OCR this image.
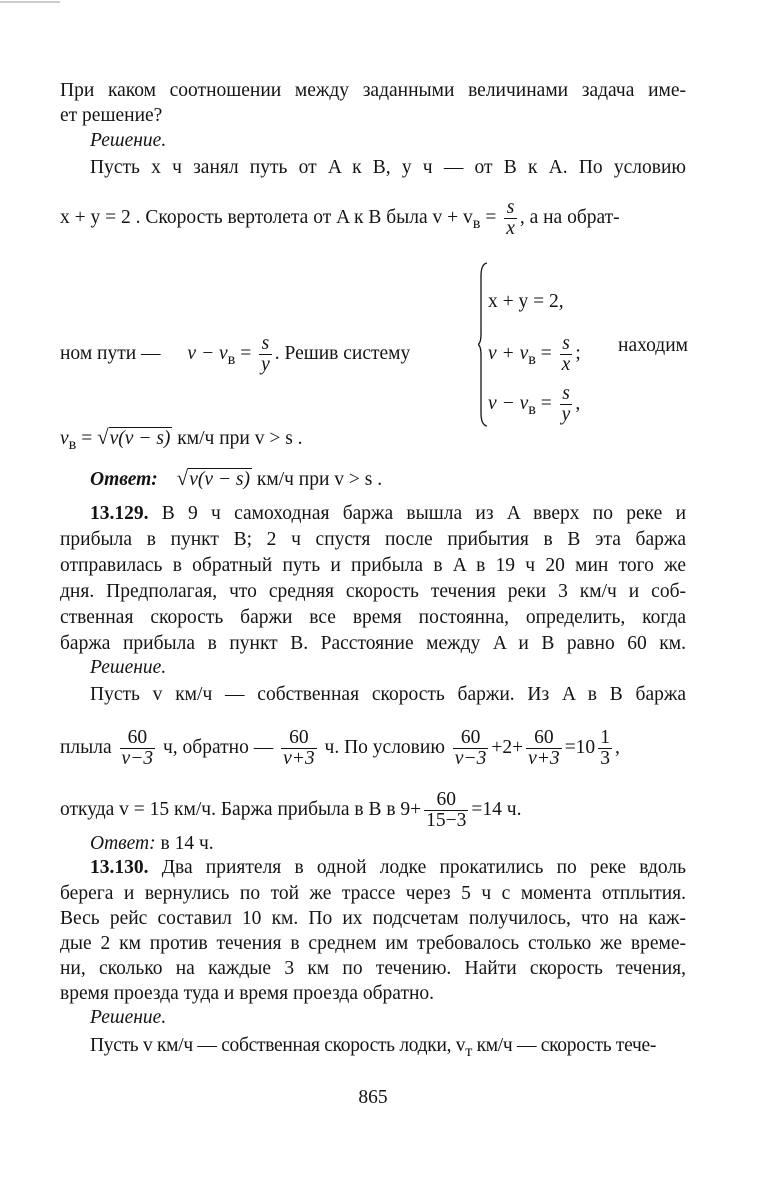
При каком соотношении между заданными величинами задача име-
ет решение?
Решение.
Пусть x ч занял путь от A к B, y ч — от B к A. По условию
x + y = 2 . Скорость вертолета от A к B была $v + v_в = \frac{s}{x}$ , а на обрат-
ном пути — $v - v_в = \frac{s}{y}$ . Решив систему
x + y = 2,
$v + v_в = \frac{s}{x}$ ;
$v - v_в = \frac{s}{y}$ ,
находим
$v_в = √v(v - s)$ км/ч при v > s .
Ответ: √v(v − s) км/ч при v > s .
13.129. В 9 ч самоходная баржа вышла из A вверх по реке и
прибыла в пункт B; 2 ч спустя после прибытия в B эта баржа
отправилась в обратный путь и прибыла в A в 19 ч 20 мин того же
дня. Предполагая, что средняя скорость течения реки 3 км/ч и соб-
ственная скорость баржи все время постоянна, определить, когда
баржа прибыла в пункт B. Расстояние между A и B равно 60 км.
Решение.
Пусть v км/ч — собственная скорость баржи. Из A в B баржа
плыла $\frac{60}{v-3} ч$, обратно — $\frac{60}{v+3} ч$. По условию $\frac{60}{v-3} +2+ \frac{60}{v+3} =10 \frac{1}{3}$ ,
откуда v = 15 км/ч. Баржа прибыла в B в $9+ \frac{60}{15-3} =14$ ч.
Ответ: в 14 ч.
13.130. Два приятеля в одной лодке прокатились по реке вдоль
берега и вернулись по той же трассе через 5 ч с момента отплытия.
Весь рейс составил 10 км. По их подсчетам получилось, что на каж-
дые 2 км против течения в среднем им требовалось столько же време-
ни, сколько на каждые 3 км по течению. Найти скорость течения,
время проезда туда и время проезда обратно.
Решение.
Пусть v км/ч — собственная скорость лодки, $v_т$ км/ч — скорость тече-
865
